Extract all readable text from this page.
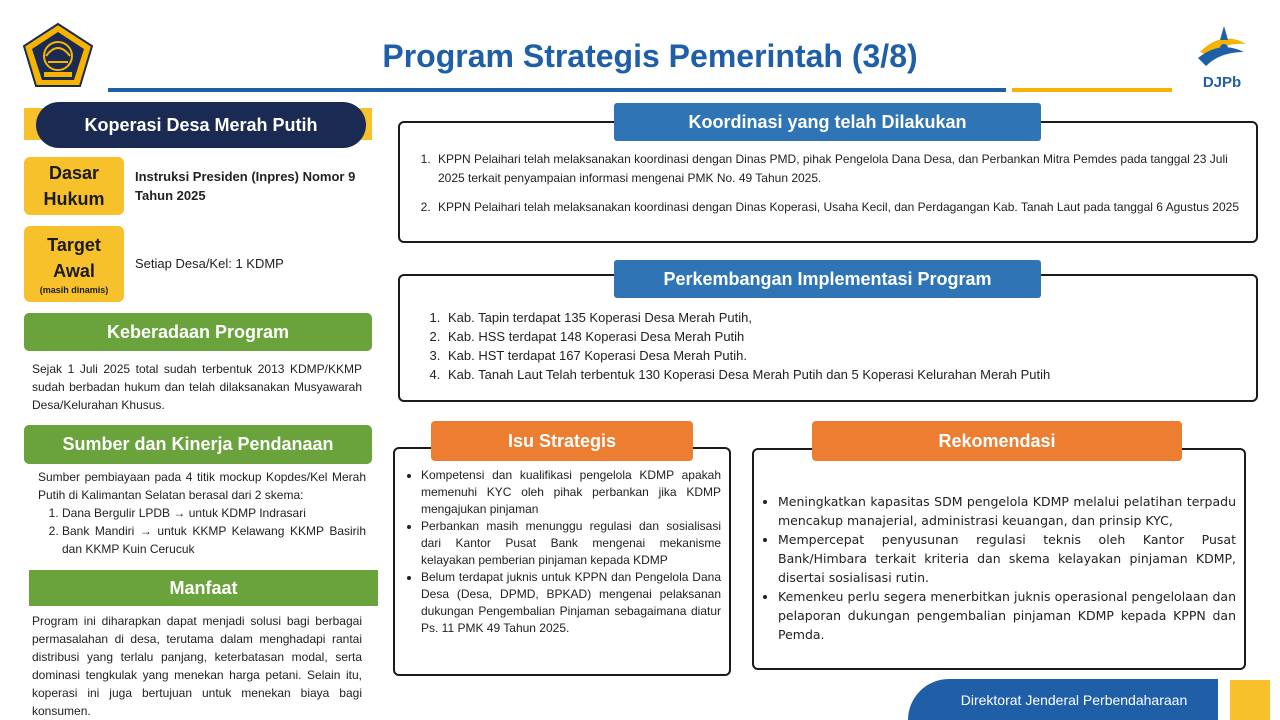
Program Strategis Pemerintah (3/8)
DJPb
Koperasi Desa Merah Putih
Dasar
Hukum
Instruksi Presiden (Inpres) Nomor 9 Tahun 2025
Target
Awal
(masih dinamis)
Setiap Desa/Kel: 1 KDMP
Keberadaan Program
Sejak 1 Juli 2025 total sudah terbentuk 2013 KDMP/KKMP sudah berbadan hukum dan telah dilaksanakan Musyawarah Desa/Kelurahan Khusus.
Sumber dan Kinerja Pendanaan
Sumber pembiayaan pada 4 titik mockup Kopdes/Kel Merah Putih di Kalimantan Selatan berasal dari 2 skema:
1. Dana Bergulir LPDB → untuk KDMP Indrasari
2. Bank Mandiri → untuk KKMP Kelawang KKMP Basirih dan KKMP Kuin Cerucuk
Manfaat
Program ini diharapkan dapat menjadi solusi bagi berbagai permasalahan di desa, terutama dalam menghadapi rantai distribusi yang terlalu panjang, keterbatasan modal, serta dominasi tengkulak yang menekan harga petani. Selain itu, koperasi ini juga bertujuan untuk menekan biaya bagi konsumen.
Koordinasi yang telah Dilakukan
1. KPPN Pelaihari telah melaksanakan koordinasi dengan Dinas PMD, pihak Pengelola Dana Desa, dan Perbankan Mitra Pemdes pada tanggal 23 Juli 2025 terkait penyampaian informasi mengenai PMK No. 49 Tahun 2025.
2. KPPN Pelaihari telah melaksanakan koordinasi dengan Dinas Koperasi, Usaha Kecil, dan Perdagangan Kab. Tanah Laut pada tanggal 6 Agustus 2025
Perkembangan Implementasi Program
1. Kab. Tapin terdapat 135 Koperasi Desa Merah Putih,
2. Kab. HSS terdapat 148 Koperasi Desa Merah Putih
3. Kab. HST terdapat 167 Koperasi Desa Merah Putih.
4. Kab. Tanah Laut Telah terbentuk 130 Koperasi Desa Merah Putih dan 5 Koperasi Kelurahan Merah Putih
Isu Strategis
• Kompetensi dan kualifikasi pengelola KDMP apakah memenuhi KYC oleh pihak perbankan jika KDMP mengajukan pinjaman
• Perbankan masih menunggu regulasi dan sosialisasi dari Kantor Pusat Bank mengenai mekanisme kelayakan pemberian pinjaman kepada KDMP
• Belum terdapat juknis untuk KPPN dan Pengelola Dana Desa (Desa, DPMD, BPKAD) mengenai pelaksanan dukungan Pengembalian Pinjaman sebagaimana diatur Ps. 11 PMK 49 Tahun 2025.
Rekomendasi
• Meningkatkan kapasitas SDM pengelola KDMP melalui pelatihan terpadu mencakup manajerial, administrasi keuangan, dan prinsip KYC,
• Mempercepat penyusunan regulasi teknis oleh Kantor Pusat Bank/Himbara terkait kriteria dan skema kelayakan pinjaman KDMP, disertai sosialisasi rutin.
• Kemenkeu perlu segera menerbitkan juknis operasional pengelolaan dan pelaporan dukungan pengembalian pinjaman KDMP kepada KPPN dan Pemda.
Direktorat Jenderal Perbendaharaan
